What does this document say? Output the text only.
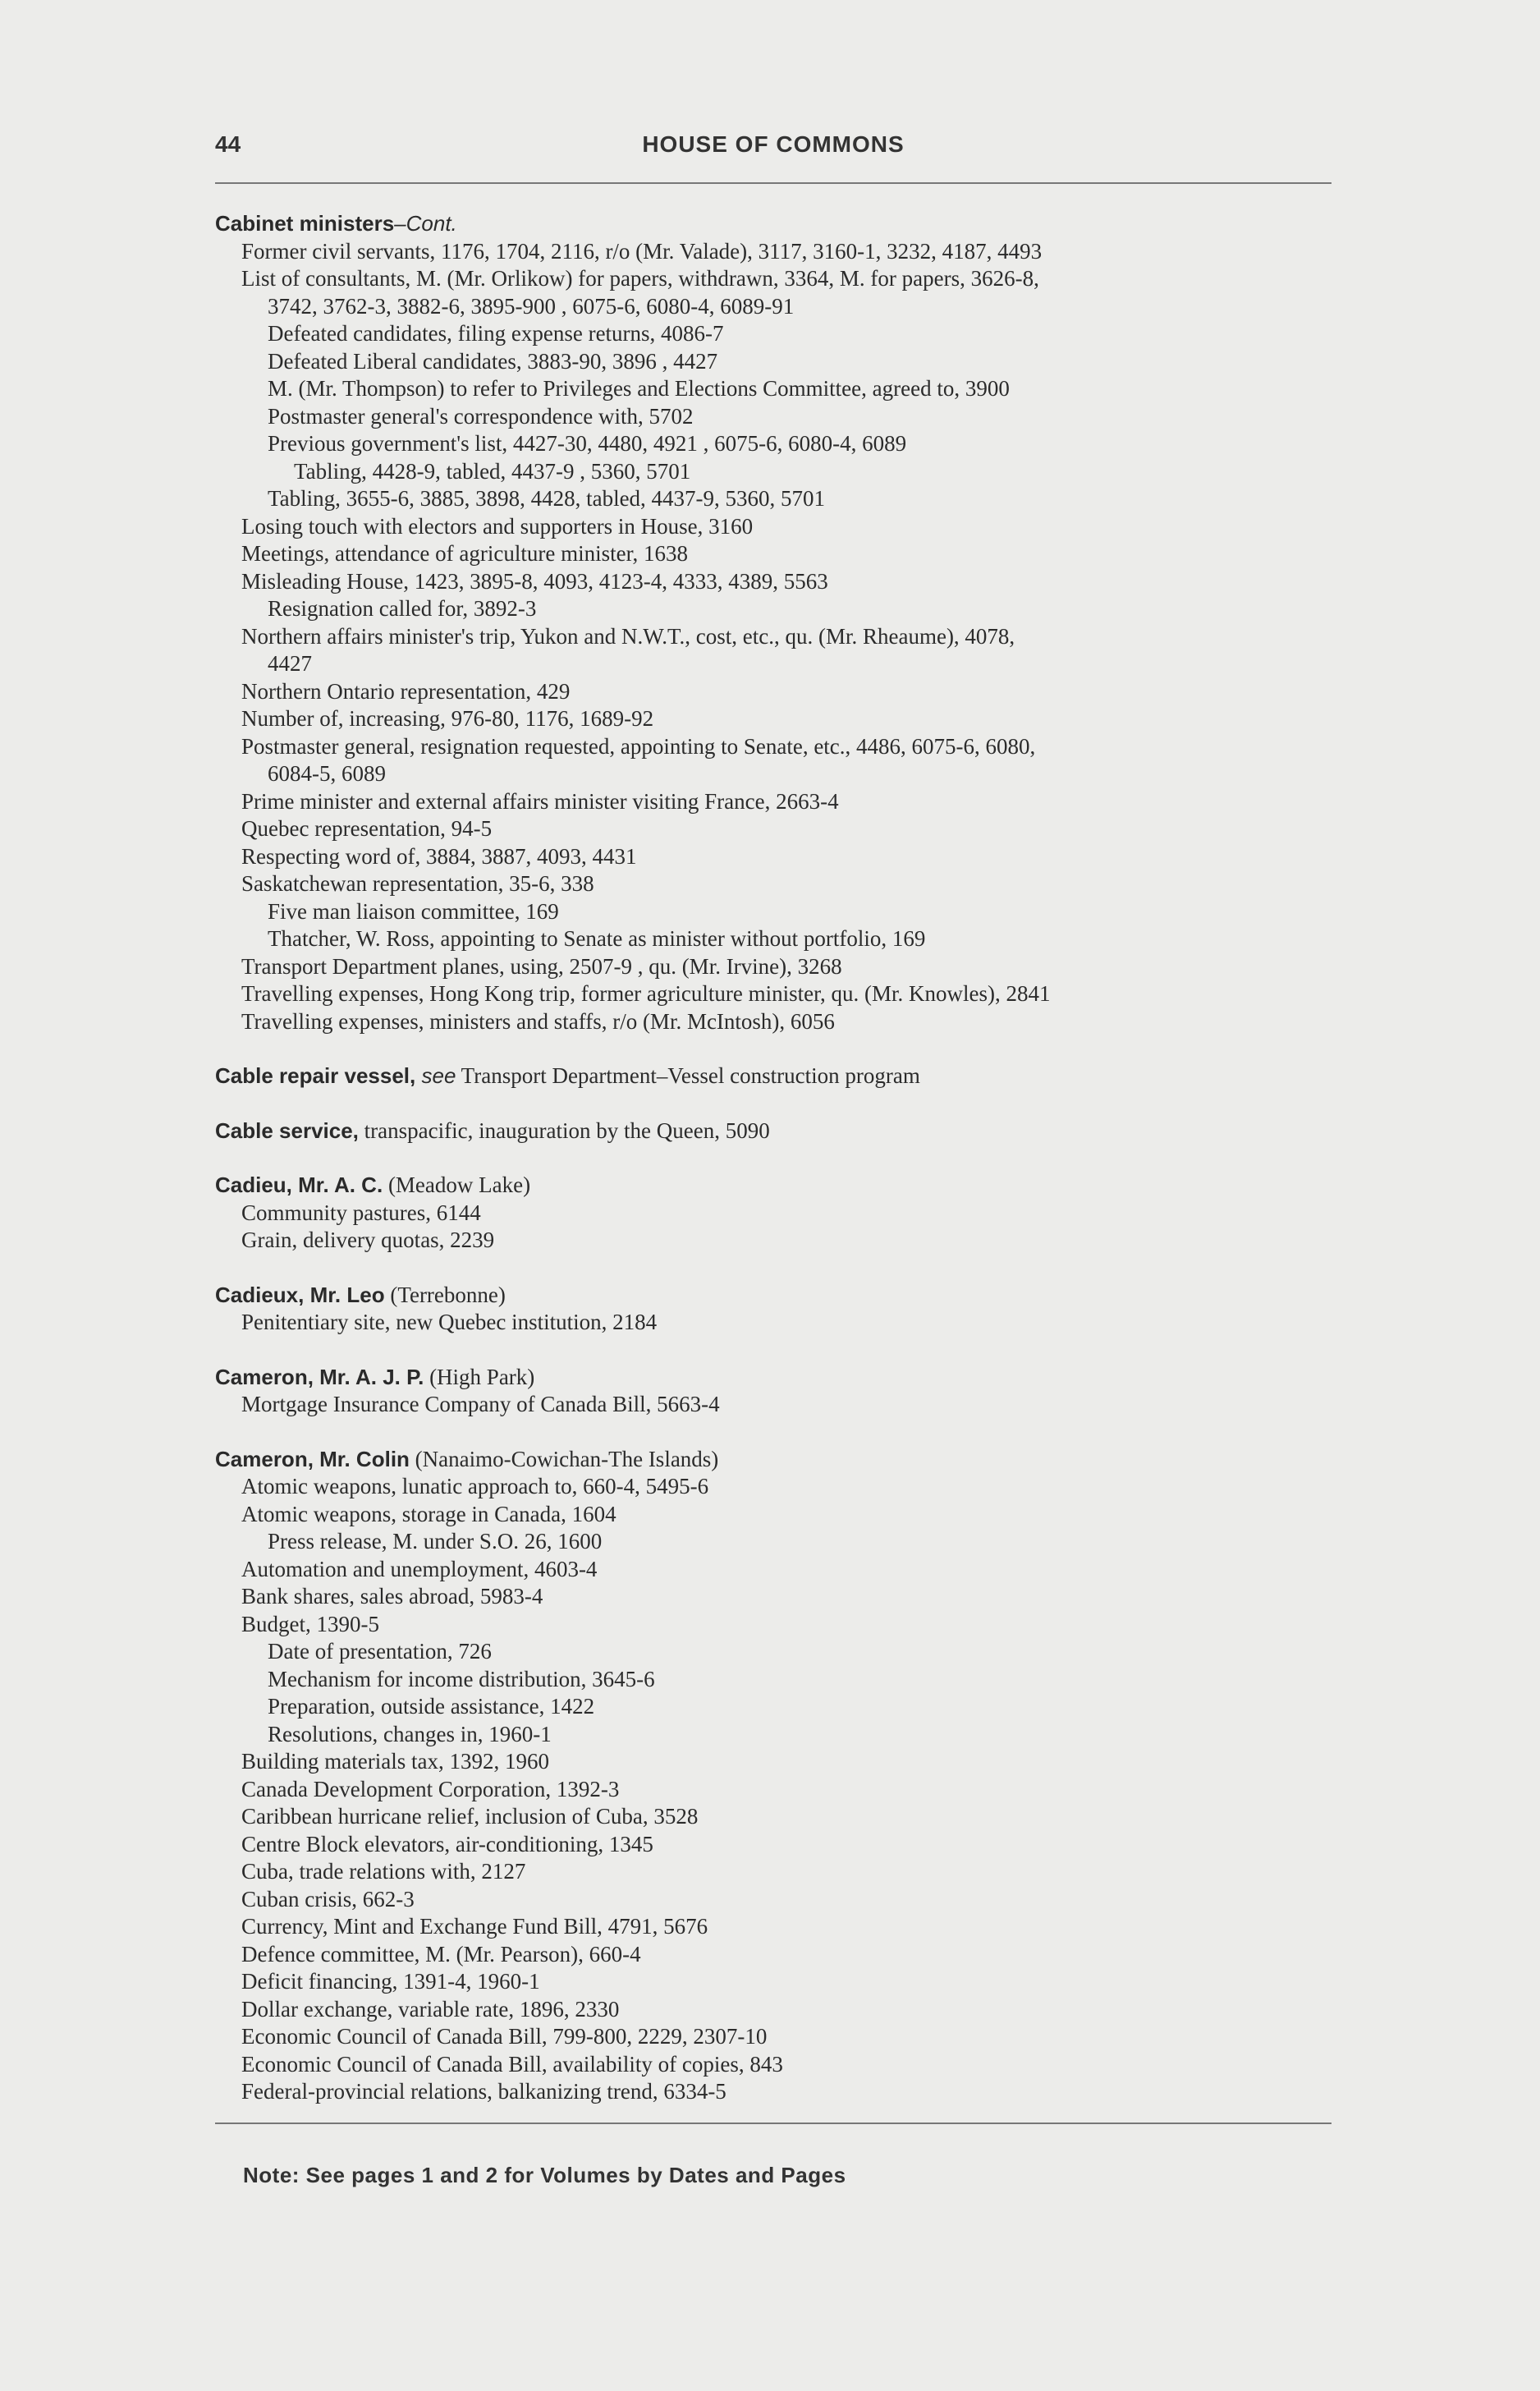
44	HOUSE OF COMMONS
Cabinet ministers–Cont.
Former civil servants, 1176, 1704, 2116, r/o (Mr. Valade), 3117, 3160-1, 3232, 4187, 4493
List of consultants, M. (Mr. Orlikow) for papers, withdrawn, 3364, M. for papers, 3626-8,
3742, 3762-3, 3882-6, 3895-900 , 6075-6, 6080-4, 6089-91
Defeated candidates, filing expense returns, 4086-7
Defeated Liberal candidates, 3883-90, 3896 , 4427
M. (Mr. Thompson) to refer to Privileges and Elections Committee, agreed to, 3900
Postmaster general's correspondence with, 5702
Previous government's list, 4427-30, 4480, 4921 , 6075-6, 6080-4, 6089
Tabling, 4428-9, tabled, 4437-9 , 5360, 5701
Tabling, 3655-6, 3885, 3898, 4428, tabled, 4437-9, 5360, 5701
Losing touch with electors and supporters in House, 3160
Meetings, attendance of agriculture minister, 1638
Misleading House, 1423, 3895-8, 4093, 4123-4, 4333, 4389, 5563
Resignation called for, 3892-3
Northern affairs minister's trip, Yukon and N.W.T., cost, etc., qu. (Mr. Rheaume), 4078,
4427
Northern Ontario representation, 429
Number of, increasing, 976-80, 1176, 1689-92
Postmaster general, resignation requested, appointing to Senate, etc., 4486, 6075-6, 6080,
6084-5, 6089
Prime minister and external affairs minister visiting France, 2663-4
Quebec representation, 94-5
Respecting word of, 3884, 3887, 4093, 4431
Saskatchewan representation, 35-6, 338
Five man liaison committee, 169
Thatcher, W. Ross, appointing to Senate as minister without portfolio, 169
Transport Department planes, using, 2507-9 , qu. (Mr. Irvine), 3268
Travelling expenses, Hong Kong trip, former agriculture minister, qu. (Mr. Knowles), 2841
Travelling expenses, ministers and staffs, r/o (Mr. McIntosh), 6056
Cable repair vessel, see Transport Department–Vessel construction program
Cable service, transpacific, inauguration by the Queen, 5090
Cadieu, Mr. A. C. (Meadow Lake)
Community pastures, 6144
Grain, delivery quotas, 2239
Cadieux, Mr. Leo (Terrebonne)
Penitentiary site, new Quebec institution, 2184
Cameron, Mr. A. J. P. (High Park)
Mortgage Insurance Company of Canada Bill, 5663-4
Cameron, Mr. Colin (Nanaimo-Cowichan-The Islands)
Atomic weapons, lunatic approach to, 660-4, 5495-6
Atomic weapons, storage in Canada, 1604
Press release, M. under S.O. 26, 1600
Automation and unemployment, 4603-4
Bank shares, sales abroad, 5983-4
Budget, 1390-5
Date of presentation, 726
Mechanism for income distribution, 3645-6
Preparation, outside assistance, 1422
Resolutions, changes in, 1960-1
Building materials tax, 1392, 1960
Canada Development Corporation, 1392-3
Caribbean hurricane relief, inclusion of Cuba, 3528
Centre Block elevators, air-conditioning, 1345
Cuba, trade relations with, 2127
Cuban crisis, 662-3
Currency, Mint and Exchange Fund Bill, 4791, 5676
Defence committee, M. (Mr. Pearson), 660-4
Deficit financing, 1391-4, 1960-1
Dollar exchange, variable rate, 1896, 2330
Economic Council of Canada Bill, 799-800, 2229, 2307-10
Economic Council of Canada Bill, availability of copies, 843
Federal-provincial relations, balkanizing trend, 6334-5
Note: See pages 1 and 2 for Volumes by Dates and Pages
